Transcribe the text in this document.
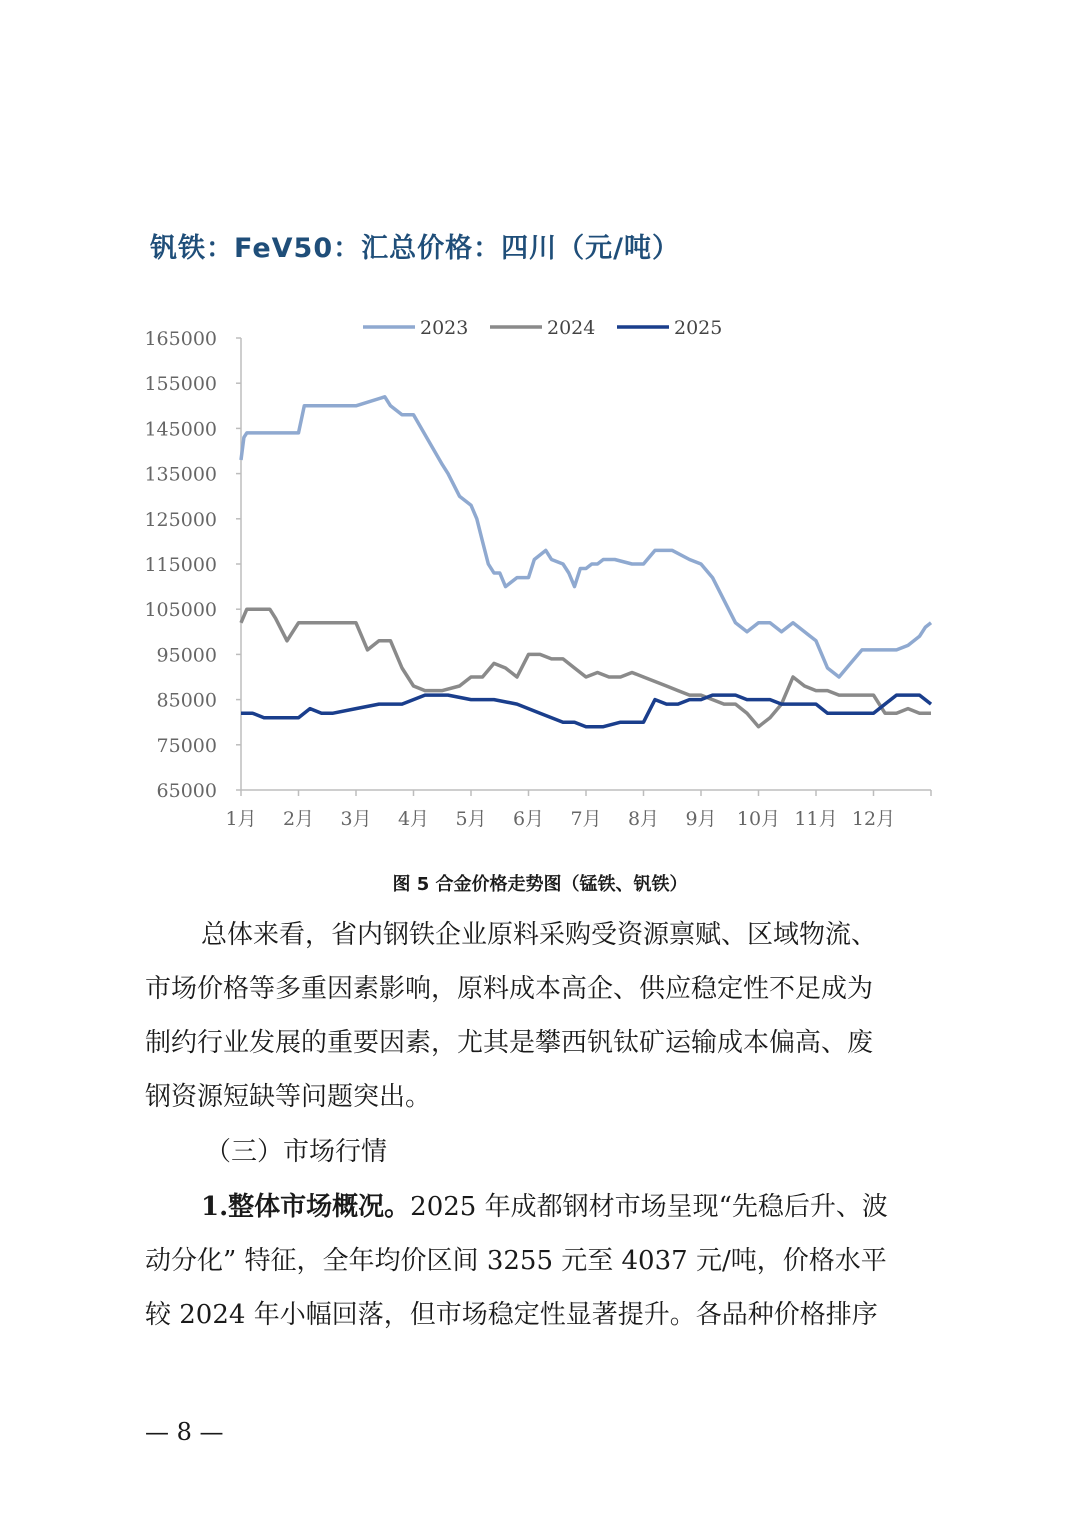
钒铁：FeV50：汇总价格：四川（元/吨）
2023	2024	2025
165000
155000
145000
135000
125000
115000
105000
95000
85000
75000
65000
1月 2月 3月 4月 5月 6月 7月 8月 9月 10月 11月 12月
图 5 合金价格走势图（锰铁、钒铁）
总体来看，省内钢铁企业原料采购受资源禀赋、区域物流、
市场价格等多重因素影响，原料成本高企、供应稳定性不足成为
制约行业发展的重要因素，尤其是攀西钒钛矿运输成本偏高、废
钢资源短缺等问题突出。
（三）市场行情
1.整体市场概况。2025 年成都钢材市场呈现“先稳后升、波
动分化” 特征，全年均价区间 3255 元至 4037 元/吨，价格水平
较 2024 年小幅回落，但市场稳定性显著提升。各品种价格排序
— 8 —
